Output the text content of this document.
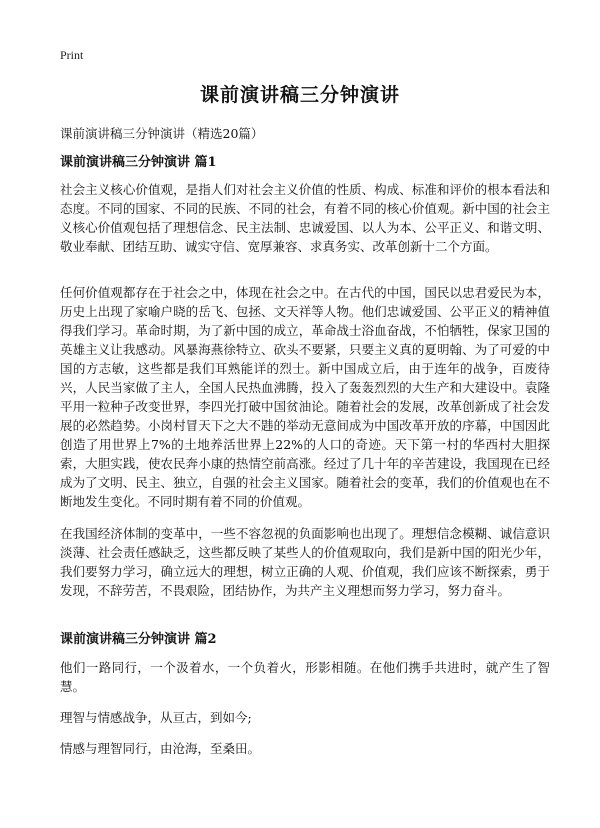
Print
课前演讲稿三分钟演讲
课前演讲稿三分钟演讲（精选20篇）
课前演讲稿三分钟演讲 篇1

社会主义核心价值观，是指人们对社会主义价值的性质、构成、标准和评价的根本看法和态度。不同的国家、不同的民族、不同的社会，有着不同的核心价值观。新中国的社会主义核心价值观包括了理想信念、民主法制、忠诚爱国、以人为本、公平正义、和谐文明、敬业奉献、团结互助、诚实守信、宽厚兼容、求真务实、改革创新十二个方面。

任何价值观都存在于社会之中，体现在社会之中。在古代的中国，国民以忠君爱民为本，历史上出现了家喻户晓的岳飞、包拯、文天祥等人物。他们忠诚爱国、公平正义的精神值得我们学习。革命时期，为了新中国的成立，革命战士浴血奋战，不怕牺牲，保家卫国的英雄主义让我感动。风暴海燕徐特立、砍头不要紧，只要主义真的夏明翰、为了可爱的中国的方志敏，这些都是我们耳熟能详的烈士。新中国成立后，由于连年的战争，百废待兴，人民当家做了主人，全国人民热血沸腾，投入了轰轰烈烈的大生产和大建设中。袁隆平用一粒种子改变世界，李四光打破中国贫油论。随着社会的发展，改革创新成了社会发展的必然趋势。小岗村冒天下之大不韪的举动无意间成为中国改革开放的序幕，中国因此创造了用世界上7%的土地养活世界上22%的人口的奇迹。天下第一村的华西村大胆探索，大胆实践，使农民奔小康的热情空前高涨。经过了几十年的辛苦建设，我国现在已经成为了文明、民主、独立，自强的社会主义国家。随着社会的变革，我们的价值观也在不断地发生变化。不同时期有着不同的价值观。

在我国经济体制的变革中，一些不容忽视的负面影响也出现了。理想信念模糊、诚信意识淡薄、社会责任感缺乏，这些都反映了某些人的价值观取向，我们是新中国的阳光少年，我们要努力学习，确立远大的理想，树立正确的人观、价值观，我们应该不断探索，勇于发现，不辞劳苦，不畏艰险，团结协作，为共产主义理想而努力学习，努力奋斗。

课前演讲稿三分钟演讲 篇2

他们一路同行，一个汲着水，一个负着火，形影相随。在他们携手共进时，就产生了智慧。

理智与情感战争，从亘古，到如今;

情感与理智同行，由沧海，至桑田。
